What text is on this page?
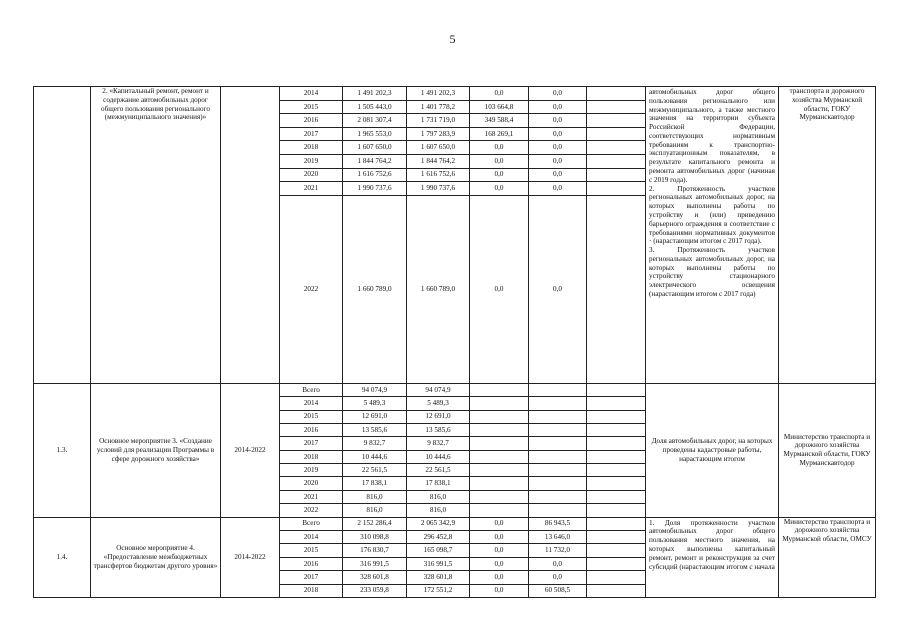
5
	2. «Капитальный ремонт, ремонт и содержание автомобильных дорог общего пользования регионального (межмуниципального значения)»		2014	1 491 202,3	1 491 202,3	0,0	0,0		автомобильных дорог общего пользования регионального или межмуниципального, а также местного значения на территории субъекта Российской Федерации, соответствующих нормативным требованиям к транспортно-эксплуатационным показателям, в результате капитального ремонта и ремонта автомобильных дорог (начиная с 2019 года).
2. Протяженность участков региональных автомобильных дорог, на которых выполнены работы по устройству и (или) приведению барьерного ограждения в соответствие с требованиями нормативных документов · (нарастающим итогом с 2017 года).
3. Протяженность участков региональных автомобильных дорог, на которых выполнены работы по устройству стационарного электрического освещения (нарастающим итогом с 2017 года)	транспорта и дорожного хозяйства Мурманской области, ГОКУ Мурманскавтодор
			2015	1 505 443,0	1 401 778,2	103 664,8	0,0			
			2016	2 081 307,4	1 731 719,0	349 588,4	0,0			
			2017	1 965 553,0	1 797 283,9	168 269,1	0,0			
			2018	1 607 650,0	1 607 650,0	0,0	0,0			
			2019	1 844 764,2	1 844 764,2	0,0	0,0			
			2020	1 616 752,6	1 616 752,6	0,0	0,0			
			2021	1 990 737,6	1 990 737,6	0,0	0,0			
			2022	1 660 789,0	1 660 789,0	0,0	0,0			
1.3.	Основное мероприятие 3. «Создание условий для реализации Программы в сфере дорожного хозяйства»	2014-2022	Всего	94 074,9	94 074,9				Доля автомобильных дорог, на которых проведены кадастровые работы, нарастающим итогом	Министерство транспорта и дорожного хозяйства Мурманской области, ГОКУ Мурманскавтодор
			2014	5 489,3	5 489,3					
			2015	12 691,0	12 691,0					
			2016	13 585,6	13 585,6					
			2017	9 832,7	9 832,7					
			2018	10 444,6	10 444,6					
			2019	22 561,5	22 561,5					
			2020	17 838,1	17 838,1					
			2021	816,0	816,0					
			2022	816,0	816,0					
1.4.	Основное мероприятие 4. «Предоставление межбюджетных трансфертов бюджетам другого уровня»	2014-2022	Всего	2 152 286,4	2 065 342,9	0,0	86 943,5		1. Доля протяженности участков автомобильных дорог общего пользования местного значения, на которых выполнены капитальный ремонт, ремонт и реконструкция за счет субсидий (нарастающим итогом с начала	Министерство транспорта и дорожного хозяйства Мурманской области, ОМСУ
			2014	310 098,8	296 452,8	0,0	13 646,0			
			2015	176 830,7	165 098,7	0,0	11 732,0			
			2016	316 991,5	316 991,5	0,0	0,0			
			2017	328 601,8	328 601,8	0,0	0,0			
			2018	233 059,8	172 551,2	0,0	60 508,5			
